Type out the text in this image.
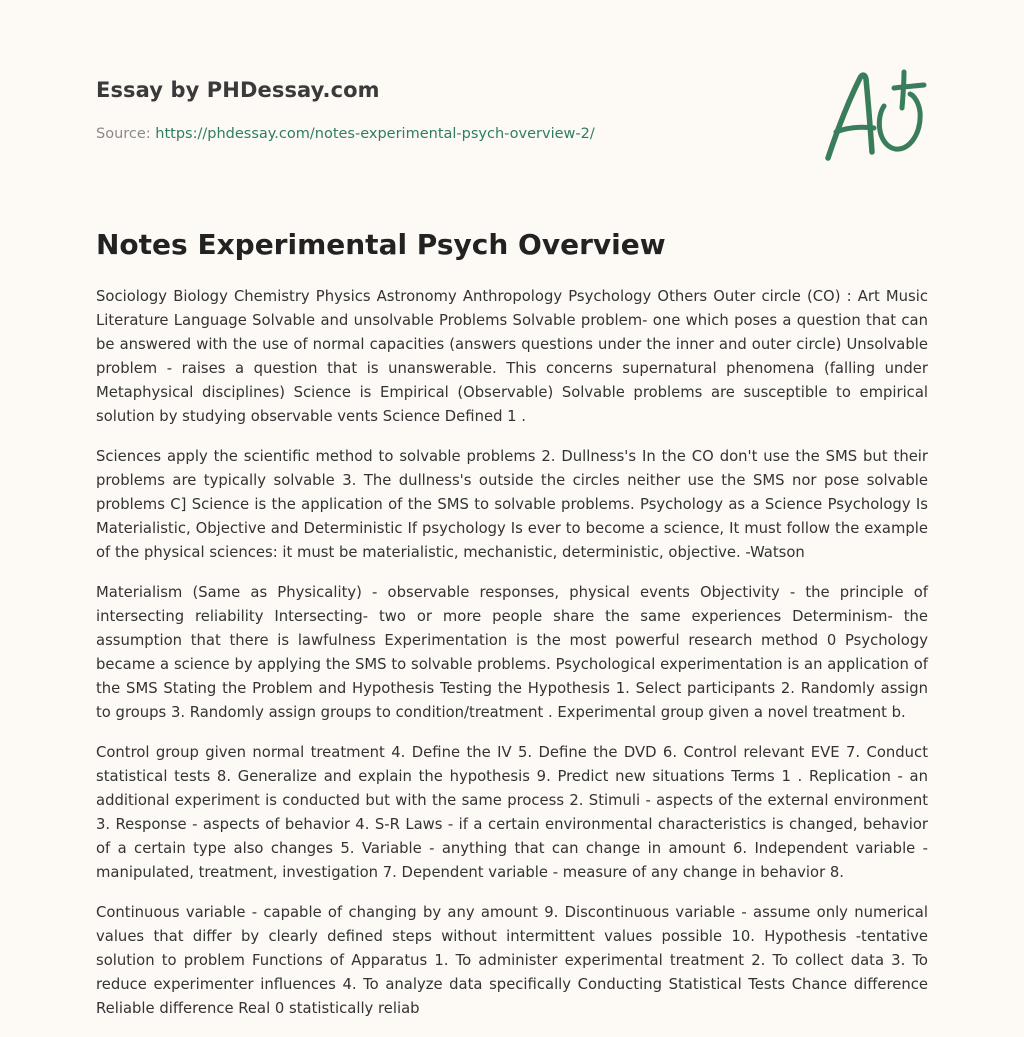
Essay by PHDessay.com
Source: https://phdessay.com/notes-experimental-psych-overview-2/
Notes Experimental Psych Overview

Sociology Biology Chemistry Physics Astronomy Anthropology Psychology Others Outer circle (CO) : Art Music Literature Language Solvable and unsolvable Problems Solvable problem- one which poses a question that can be answered with the use of normal capacities (answers questions under the inner and outer circle) Unsolvable problem - raises a question that is unanswerable. This concerns supernatural phenomena (falling under Metaphysical disciplines) Science is Empirical (Observable) Solvable problems are susceptible to empirical solution by studying observable vents Science Defined 1 .

Sciences apply the scientific method to solvable problems 2. Dullness's In the CO don't use the SMS but their problems are typically solvable 3. The dullness's outside the circles neither use the SMS nor pose solvable problems C] Science is the application of the SMS to solvable problems. Psychology as a Science Psychology Is Materialistic, Objective and Deterministic If psychology Is ever to become a science, It must follow the example of the physical sciences: it must be materialistic, mechanistic, deterministic, objective. -Watson

Materialism (Same as Physicality) - observable responses, physical events Objectivity - the principle of intersecting reliability Intersecting- two or more people share the same experiences Determinism- the assumption that there is lawfulness Experimentation is the most powerful research method 0 Psychology became a science by applying the SMS to solvable problems. Psychological experimentation is an application of the SMS Stating the Problem and Hypothesis Testing the Hypothesis 1. Select participants 2. Randomly assign to groups 3. Randomly assign groups to condition/treatment . Experimental group given a novel treatment b.

Control group given normal treatment 4. Define the IV 5. Define the DVD 6. Control relevant EVE 7. Conduct statistical tests 8. Generalize and explain the hypothesis 9. Predict new situations Terms 1 . Replication - an additional experiment is conducted but with the same process 2. Stimuli - aspects of the external environment 3. Response - aspects of behavior 4. S-R Laws - if a certain environmental characteristics is changed, behavior of a certain type also changes 5. Variable - anything that can change in amount 6. Independent variable - manipulated, treatment, investigation 7. Dependent variable - measure of any change in behavior 8.

Continuous variable - capable of changing by any amount 9. Discontinuous variable - assume only numerical values that differ by clearly defined steps without intermittent values possible 10. Hypothesis -tentative solution to problem Functions of Apparatus 1. To administer experimental treatment 2. To collect data 3. To reduce experimenter influences 4. To analyze data specifically Conducting Statistical Tests Chance difference Reliable difference Real 0 statistically reliab
